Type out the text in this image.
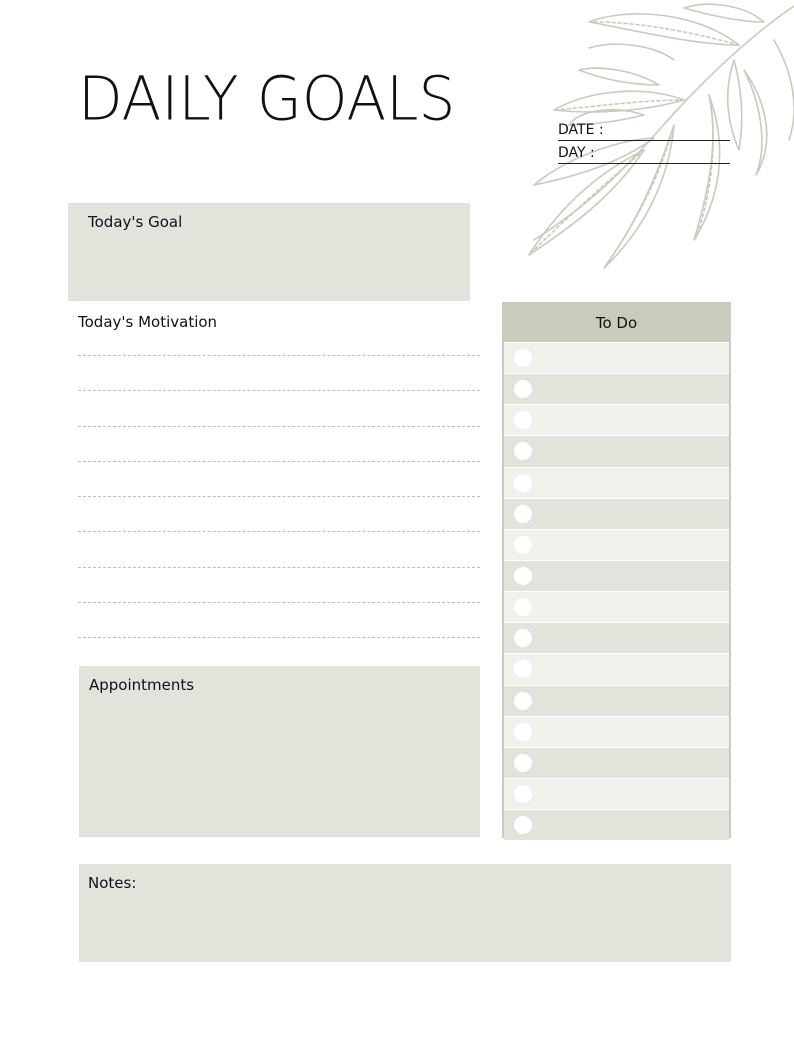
DAILY GOALS	DATE :
DAY :
Today's Goal
Today's Motivation
Appointments
To Do
Notes:
